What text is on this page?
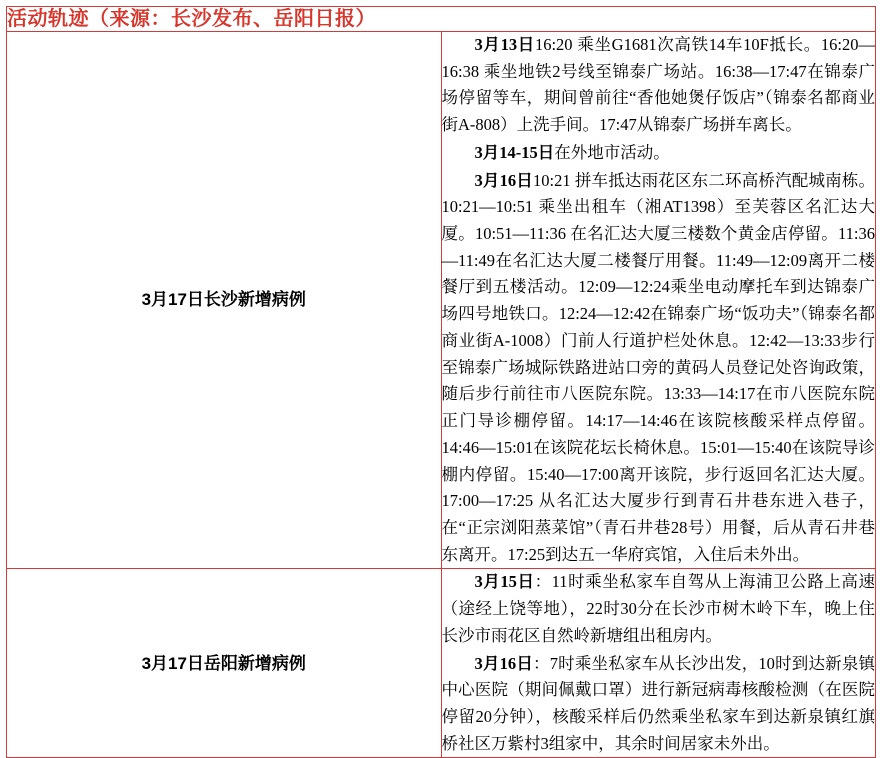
活动轨迹（来源：长沙发布、岳阳日报）	
3月17日长沙新增病例	3月13日16:20 乘坐G1681次高铁14车10F抵长。16:20—16:38 乘坐地铁2号线至锦泰广场站。16:38—17:47在锦泰广场停留等车，期间曾前往“香他她煲仔饭店”（锦泰名都商业街A-808）上洗手间。17:47从锦泰广场拼车离长。

3月14-15日在外地市活动。

3月16日10:21 拼车抵达雨花区东二环高桥汽配城南栋。10:21—10:51 乘坐出租车（湘AT1398）至芙蓉区名汇达大厦。10:51—11:36 在名汇达大厦三楼数个黄金店停留。11:36—11:49在名汇达大厦二楼餐厅用餐。11:49—12:09离开二楼餐厅到五楼活动。12:09—12:24乘坐电动摩托车到达锦泰广场四号地铁口。12:24—12:42在锦泰广场“饭功夫”（锦泰名都商业街A-1008）门前人行道护栏处休息。12:42—13:33步行至锦泰广场城际铁路进站口旁的黄码人员登记处咨询政策，随后步行前往市八医院东院。13:33—14:17在市八医院东院正门导诊棚停留。14:17—14:46在该院核酸采样点停留。14:46—15:01在该院花坛长椅休息。15:01—15:40在该院导诊棚内停留。15:40—17:00离开该院，步行返回名汇达大厦。17:00—17:25 从名汇达大厦步行到青石井巷东进入巷子，在“正宗浏阳蒸菜馆”（青石井巷28号）用餐，后从青石井巷东离开。17:25到达五一华府宾馆，入住后未外出。

3月17日岳阳新增病例	3月15日：11时乘坐私家车自驾从上海浦卫公路上高速（途经上饶等地），22时30分在长沙市树木岭下车，晚上住长沙市雨花区自然岭新塘组出租房内。

3月16日：7时乘坐私家车从长沙出发，10时到达新泉镇中心医院（期间佩戴口罩）进行新冠病毒核酸检测（在医院停留20分钟），核酸采样后仍然乘坐私家车到达新泉镇红旗桥社区万紫村3组家中，其余时间居家未外出。
